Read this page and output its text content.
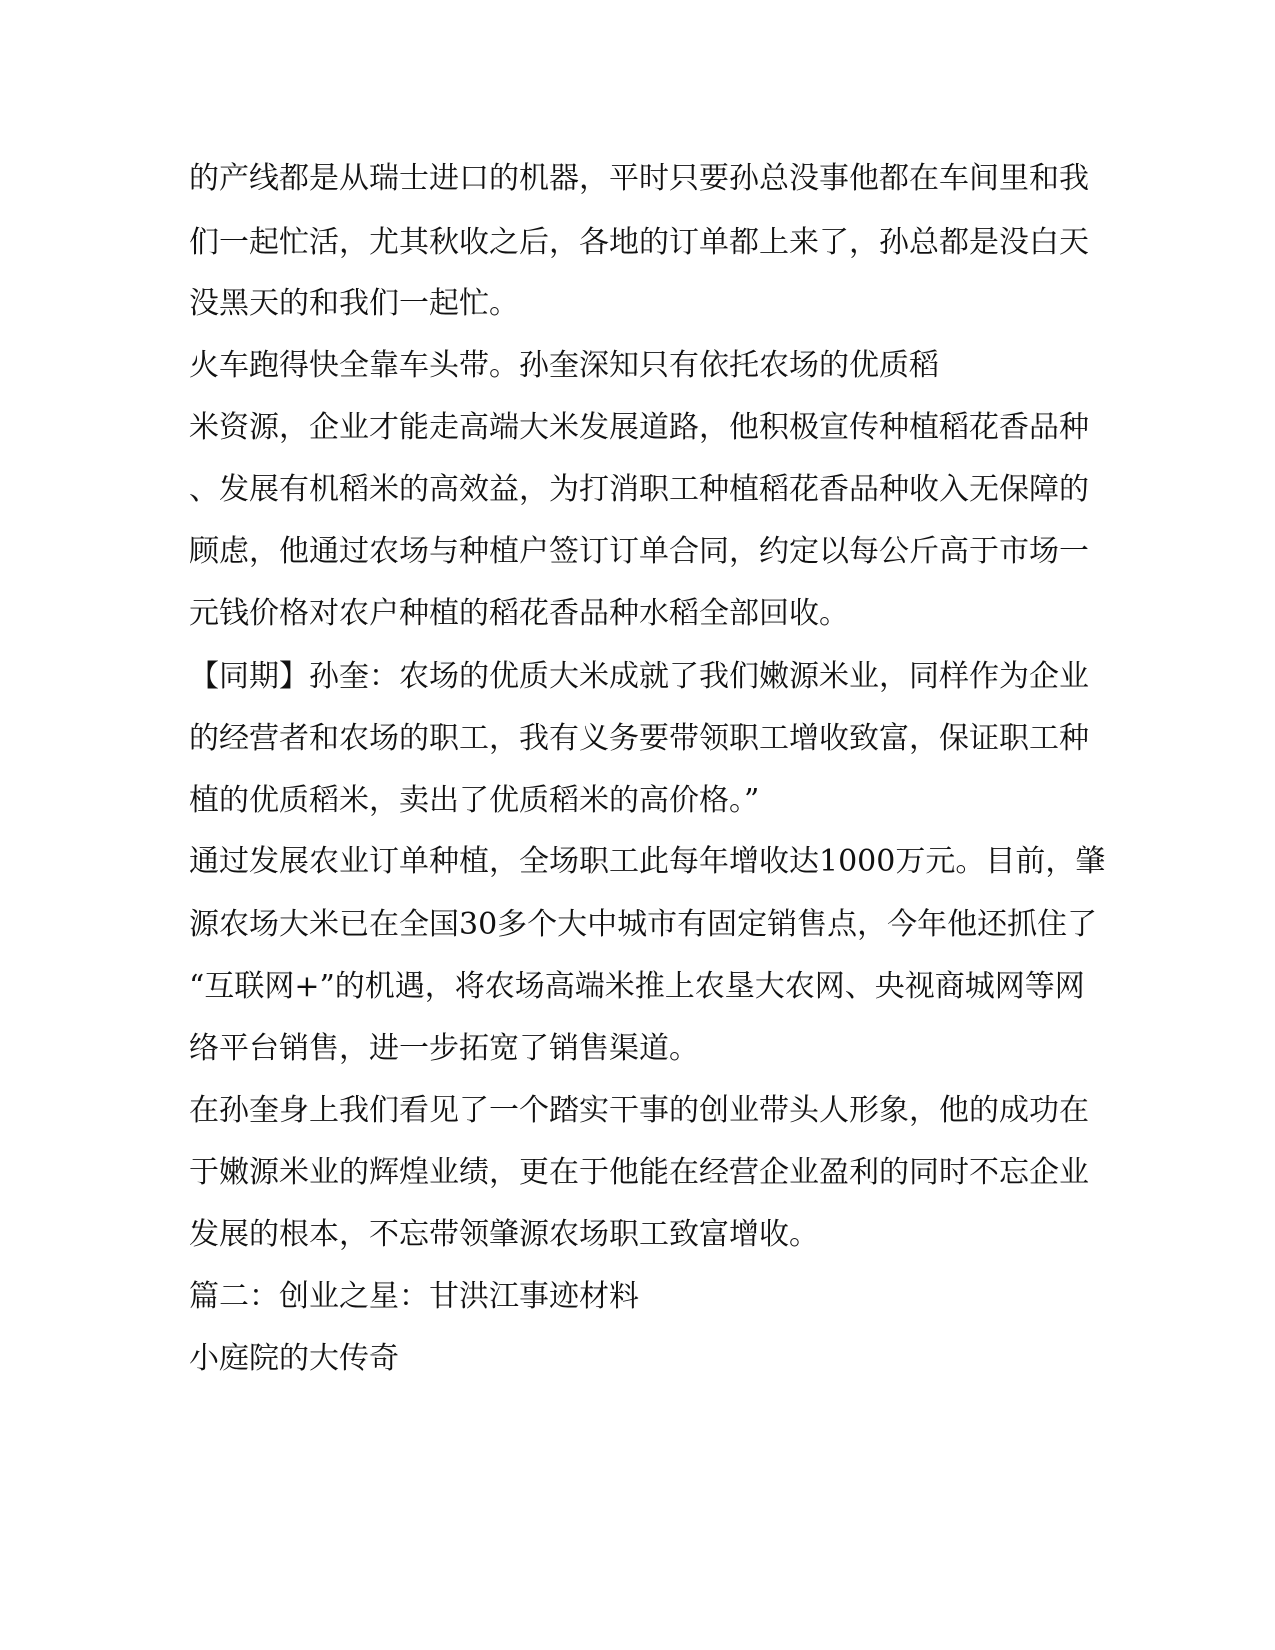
的产线都是从瑞士进口的机器，平时只要孙总没事他都在车间里和我

们一起忙活，尤其秋收之后，各地的订单都上来了，孙总都是没白天

没黑天的和我们一起忙。

火车跑得快全靠车头带。孙奎深知只有依托农场的优质稻

米资源，企业才能走高端大米发展道路，他积极宣传种植稻花香品种

、发展有机稻米的高效益，为打消职工种植稻花香品种收入无保障的

顾虑，他通过农场与种植户签订订单合同，约定以每公斤高于市场一

元钱价格对农户种植的稻花香品种水稻全部回收。

【同期】孙奎：农场的优质大米成就了我们嫩源米业，同样作为企业

的经营者和农场的职工，我有义务要带领职工增收致富，保证职工种

植的优质稻米，卖出了优质稻米的高价格。”

通过发展农业订单种植，全场职工此每年增收达1000万元。目前，肇

源农场大米已在全国30多个大中城市有固定销售点，今年他还抓住了

“互联网+”的机遇，将农场高端米推上农垦大农网、央视商城网等网

络平台销售，进一步拓宽了销售渠道。

在孙奎身上我们看见了一个踏实干事的创业带头人形象，他的成功在

于嫩源米业的辉煌业绩，更在于他能在经营企业盈利的同时不忘企业

发展的根本，不忘带领肇源农场职工致富增收。

篇二：创业之星：甘洪江事迹材料

小庭院的大传奇
